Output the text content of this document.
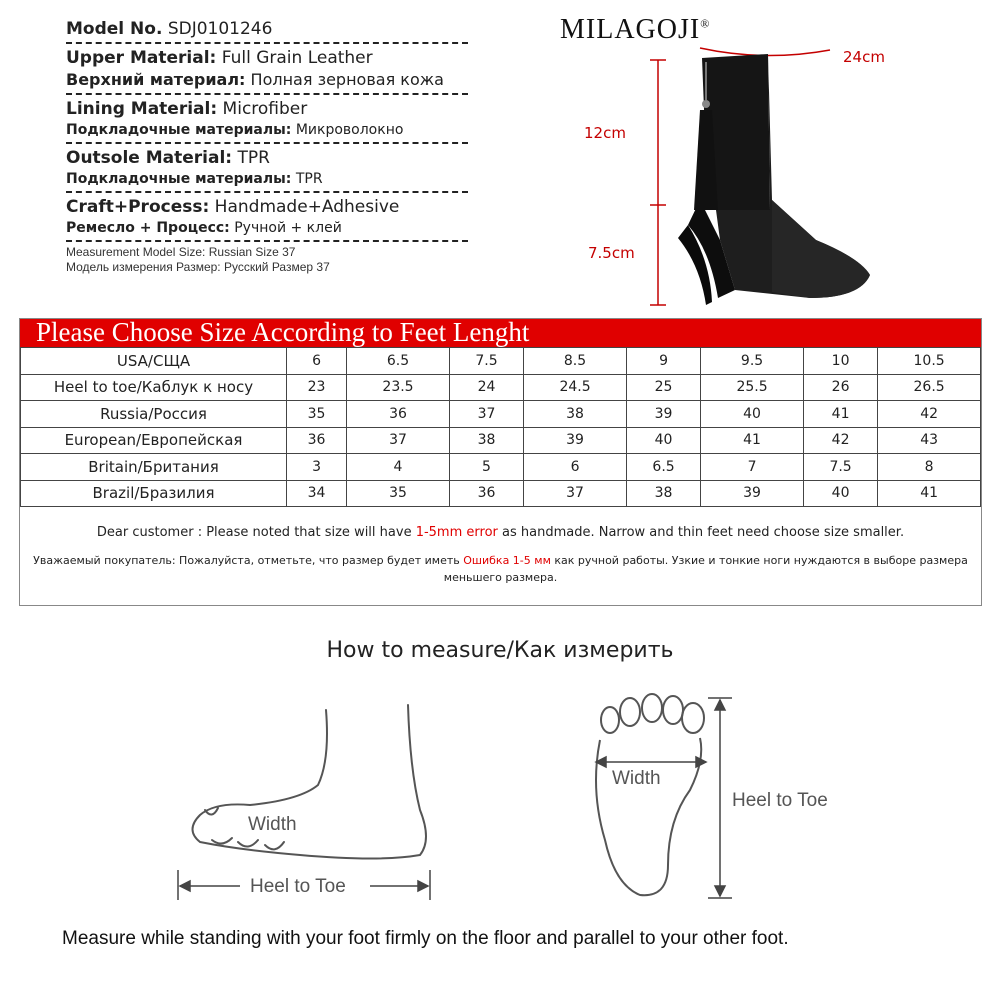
Model No. SDJ0101246
Upper Material: Full Grain Leather
Верхний материал: Полная зерновая кожа
Lining Material: Microfiber
Подкладочные материалы: Микроволокно
Outsole Material: TPR
Подкладочные материалы: TPR
Craft+Process: Handmade+Adhesive
Ремесло + Процесс: Ручной + клей
Measurement Model Size: Russian Size 37
Модель измерения Размер: Русский Размер 37
MILAGOJI®
24cm
12cm
7.5cm
Please Choose Size According to Feet Lenght
USA/СЩА	6	6.5	7.5	8.5	9	9.5	10	10.5
Heel to toe/Каблук к носу	23	23.5	24	24.5	25	25.5	26	26.5
Russia/Россия	35	36	37	38	39	40	41	42
European/Европейская	36	37	38	39	40	41	42	43
Britain/Британия	3	4	5	6	6.5	7	7.5	8
Brazil/Бразилия	34	35	36	37	38	39	40	41
Dear customer : Please noted that size will have 1-5mm error as handmade. Narrow and thin feet need choose size smaller.
Уважаемый покупатель: Пожалуйста, отметьте, что размер будет иметь Ошибка 1-5 мм как ручной работы. Узкие и тонкие ноги нуждаются в выборе размера меньшего размера.
How to measure/Как измерить
Width
Heel to Toe
Width
Heel to Toe
Measure while standing with your foot firmly on the floor and parallel to your other foot.
